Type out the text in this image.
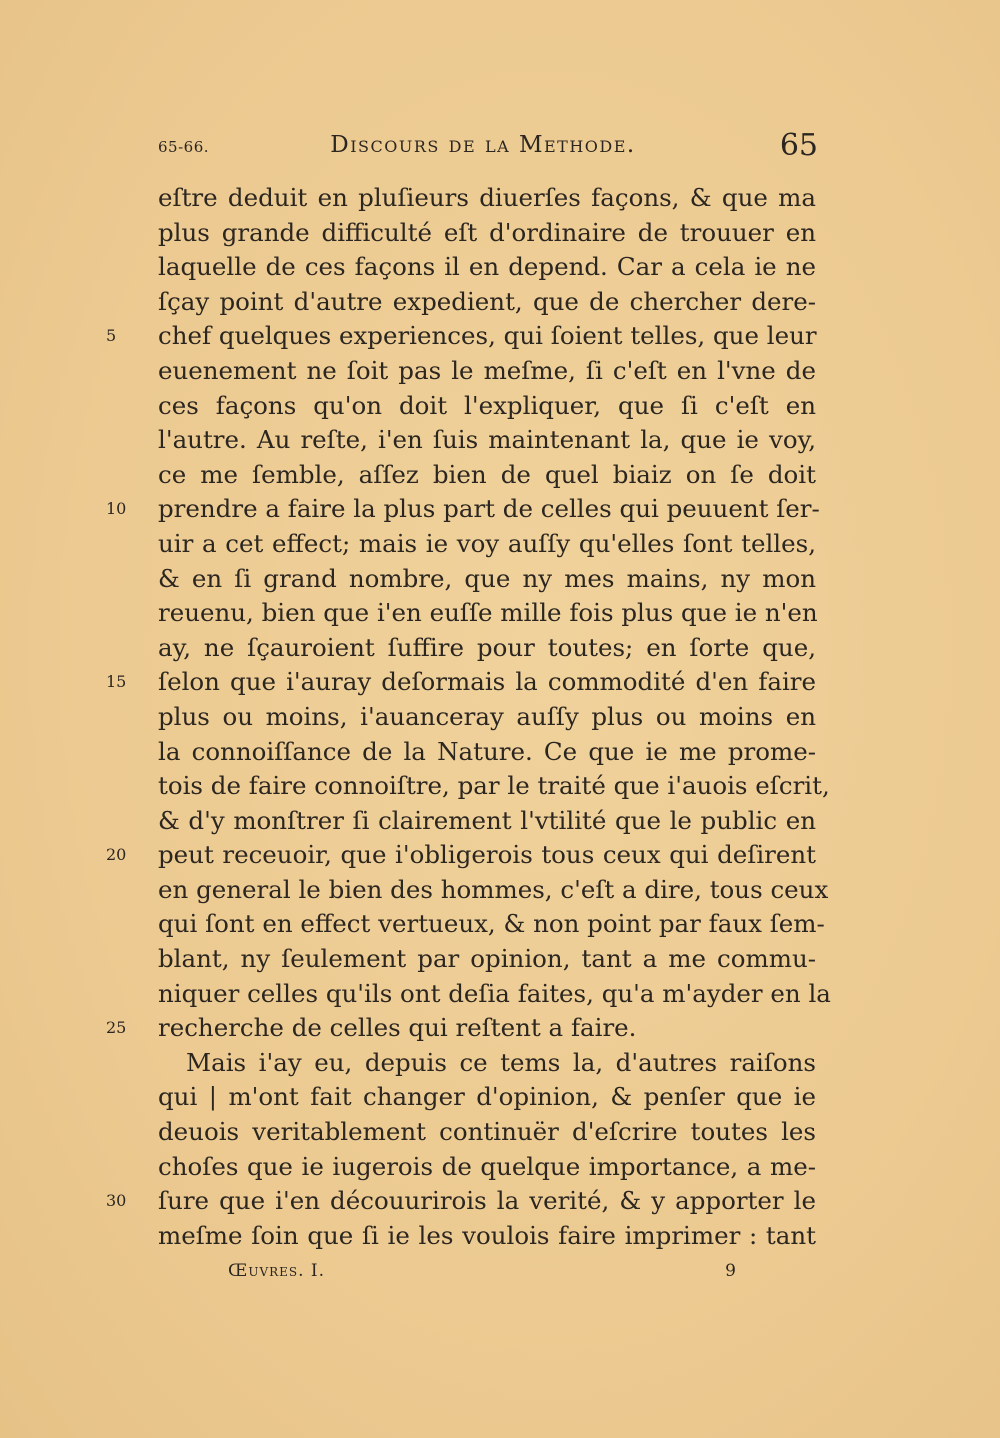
65-66.	Discours de la Methode.	65
eſtre deduit en pluſieurs diuerſes façons, & que ma
plus grande difficulté eſt d'ordinaire de trouuer en
laquelle de ces façons il en depend. Car a cela ie ne
ſçay point d'autre expedient, que de chercher dere-
5	chef quelques experiences, qui ſoient telles, que leur
euenement ne ſoit pas le meſme, ſi c'eſt en l'vne de
ces façons qu'on doit l'expliquer, que ſi c'eſt en
l'autre. Au reſte, i'en ſuis maintenant la, que ie voy,
ce me ſemble, aſſez bien de quel biaiz on ſe doit
10	prendre a faire la plus part de celles qui peuuent ſer-
uir a cet effect; mais ie voy auſſy qu'elles ſont telles,
& en ſi grand nombre, que ny mes mains, ny mon
reuenu, bien que i'en euſſe mille fois plus que ie n'en
ay, ne ſçauroient ſuffire pour toutes; en ſorte que,
15	ſelon que i'auray deſormais la commodité d'en faire
plus ou moins, i'auanceray auſſy plus ou moins en
la connoiſſance de la Nature. Ce que ie me prome-
tois de faire connoiſtre, par le traité que i'auois eſcrit,
& d'y monſtrer ſi clairement l'vtilité que le public en
20	peut receuoir, que i'obligerois tous ceux qui deſirent
en general le bien des hommes, c'eſt a dire, tous ceux
qui ſont en effect vertueux, & non point par faux ſem-
blant, ny ſeulement par opinion, tant a me commu-
niquer celles qu'ils ont deſia faites, qu'a m'ayder en la
25	recherche de celles qui reſtent a faire.
Mais i'ay eu, depuis ce tems la, d'autres raiſons
qui | m'ont fait changer d'opinion, & penſer que ie
deuois veritablement continuër d'eſcrire toutes les
choſes que ie iugerois de quelque importance, a me-
30	ſure que i'en découurirois la verité, & y apporter le
meſme ſoin que ſi ie les voulois faire imprimer : tant
Œuvres. I.	9
